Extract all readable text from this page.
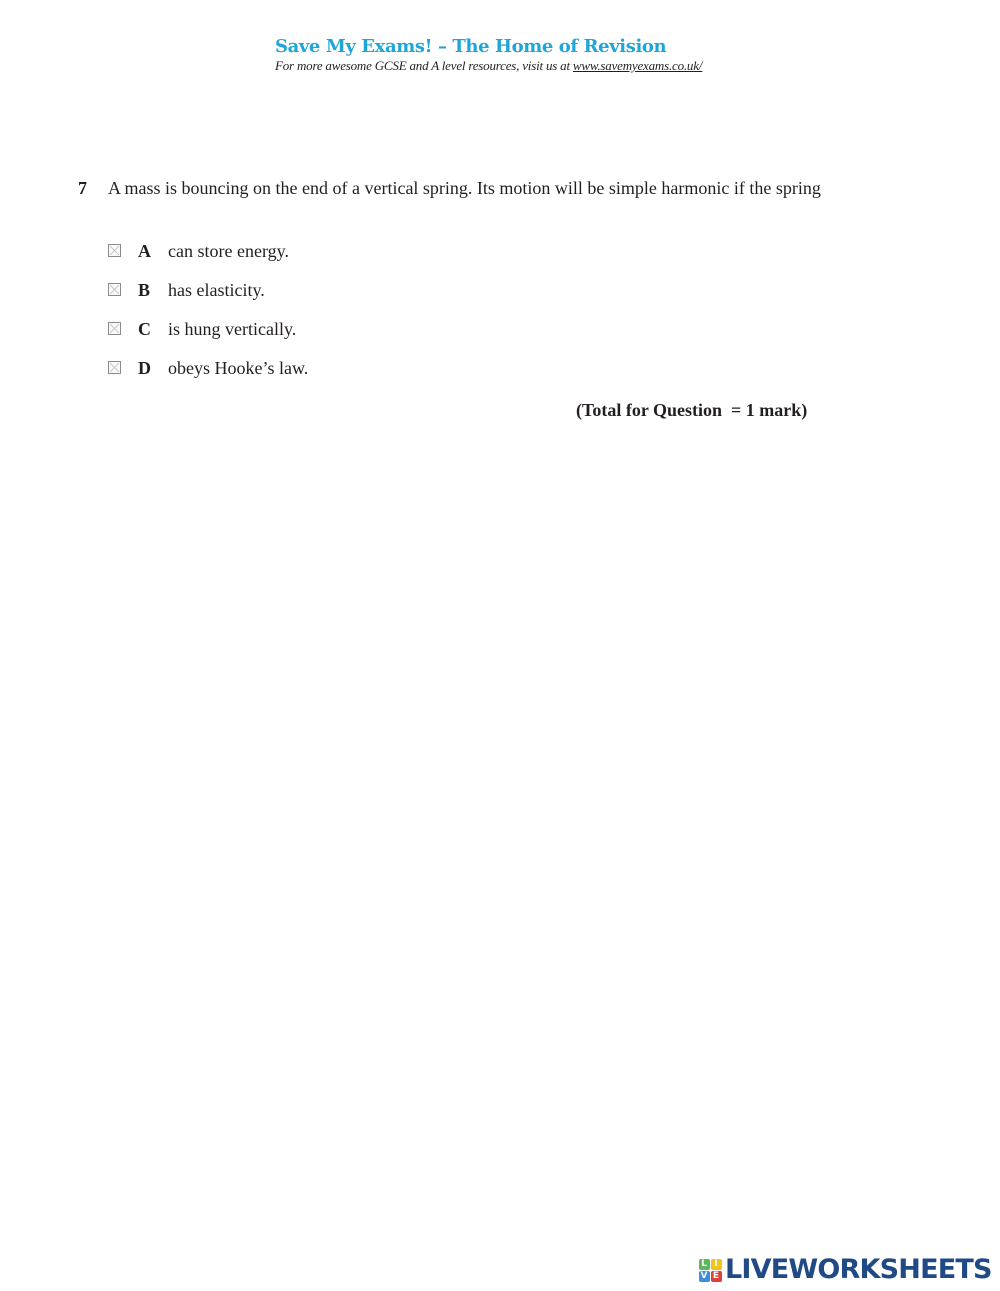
Save My Exams! – The Home of Revision
For more awesome GCSE and A level resources, visit us at www.savemyexams.co.uk/
7 A mass is bouncing on the end of a vertical spring. Its motion will be simple harmonic if the spring
A can store energy.
B has elasticity.
C is hung vertically.
D obeys Hooke’s law.
(Total for Question  = 1 mark)
L I
V E LIVEWORKSHEETS
